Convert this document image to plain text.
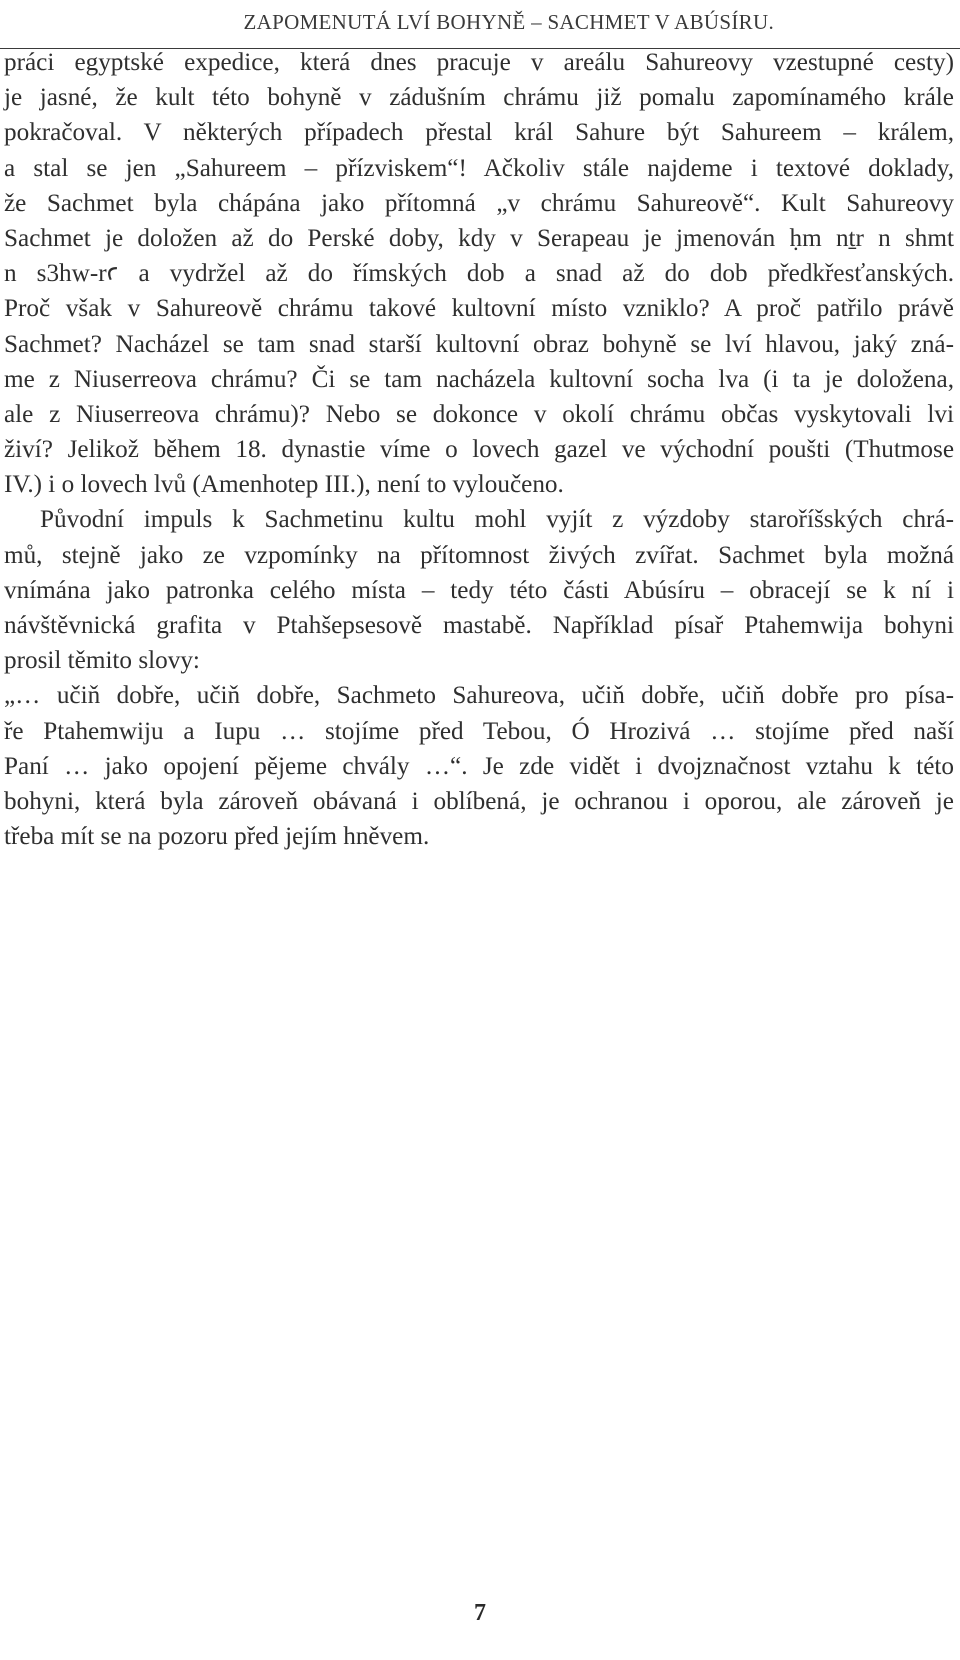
ZAPOMENUTÁ LVÍ BOHYNĚ – SACHMET V ABÚSÍRU.

práci egyptské expedice, která dnes pracuje v areálu Sahureovy vzestupné cesty)
je jasné, že kult této bohyně v zádušním chrámu již pomalu zapomínamého krále
pokračoval. V některých případech přestal král Sahure být Sahureem – králem,
a stal se jen „Sahureem – přízviskem“! Ačkoliv stále najdeme i textové doklady,
že Sachmet byla chápána jako přítomná „v chrámu Sahureově“. Kult Sahureovy
Sachmet je doložen až do Perské doby, kdy v Serapeau je jmenován ḥm nṯr n shmt
n s3hw-rꜥ a vydržel až do římských dob a snad až do dob předkřesťanských.
Proč však v Sahureově chrámu takové kultovní místo vzniklo? A proč patřilo právě
Sachmet? Nacházel se tam snad starší kultovní obraz bohyně se lví hlavou, jaký zná-
me z Niuserreova chrámu? Či se tam nacházela kultovní socha lva (i ta je doložena,
ale z Niuserreova chrámu)? Nebo se dokonce v okolí chrámu občas vyskytovali lvi
živí? Jelikož během 18. dynastie víme o lovech gazel ve východní poušti (Thutmose
IV.) i o lovech lvů (Amenhotep III.), není to vyloučeno.

Původní impuls k Sachmetinu kultu mohl vyjít z výzdoby staroříšských chrá-
mů, stejně jako ze vzpomínky na přítomnost živých zvířat. Sachmet byla možná
vnímána jako patronka celého místa – tedy této části Abúsíru – obracejí se k ní i
návštěvnická grafita v Ptahšepsesově mastabě. Například písař Ptahemwija bohyni
prosil těmito slovy:

„… učiň dobře, učiň dobře, Sachmeto Sahureova, učiň dobře, učiň dobře pro písa-
ře Ptahemwiju a Iupu … stojíme před Tebou, Ó Hrozivá … stojíme před naší
Paní … jako opojení pějeme chvály …“. Je zde vidět i dvojznačnost vztahu k této
bohyni, která byla zároveň obávaná i oblíbená, je ochranou i oporou, ale zároveň je
třeba mít se na pozoru před jejím hněvem.

7
